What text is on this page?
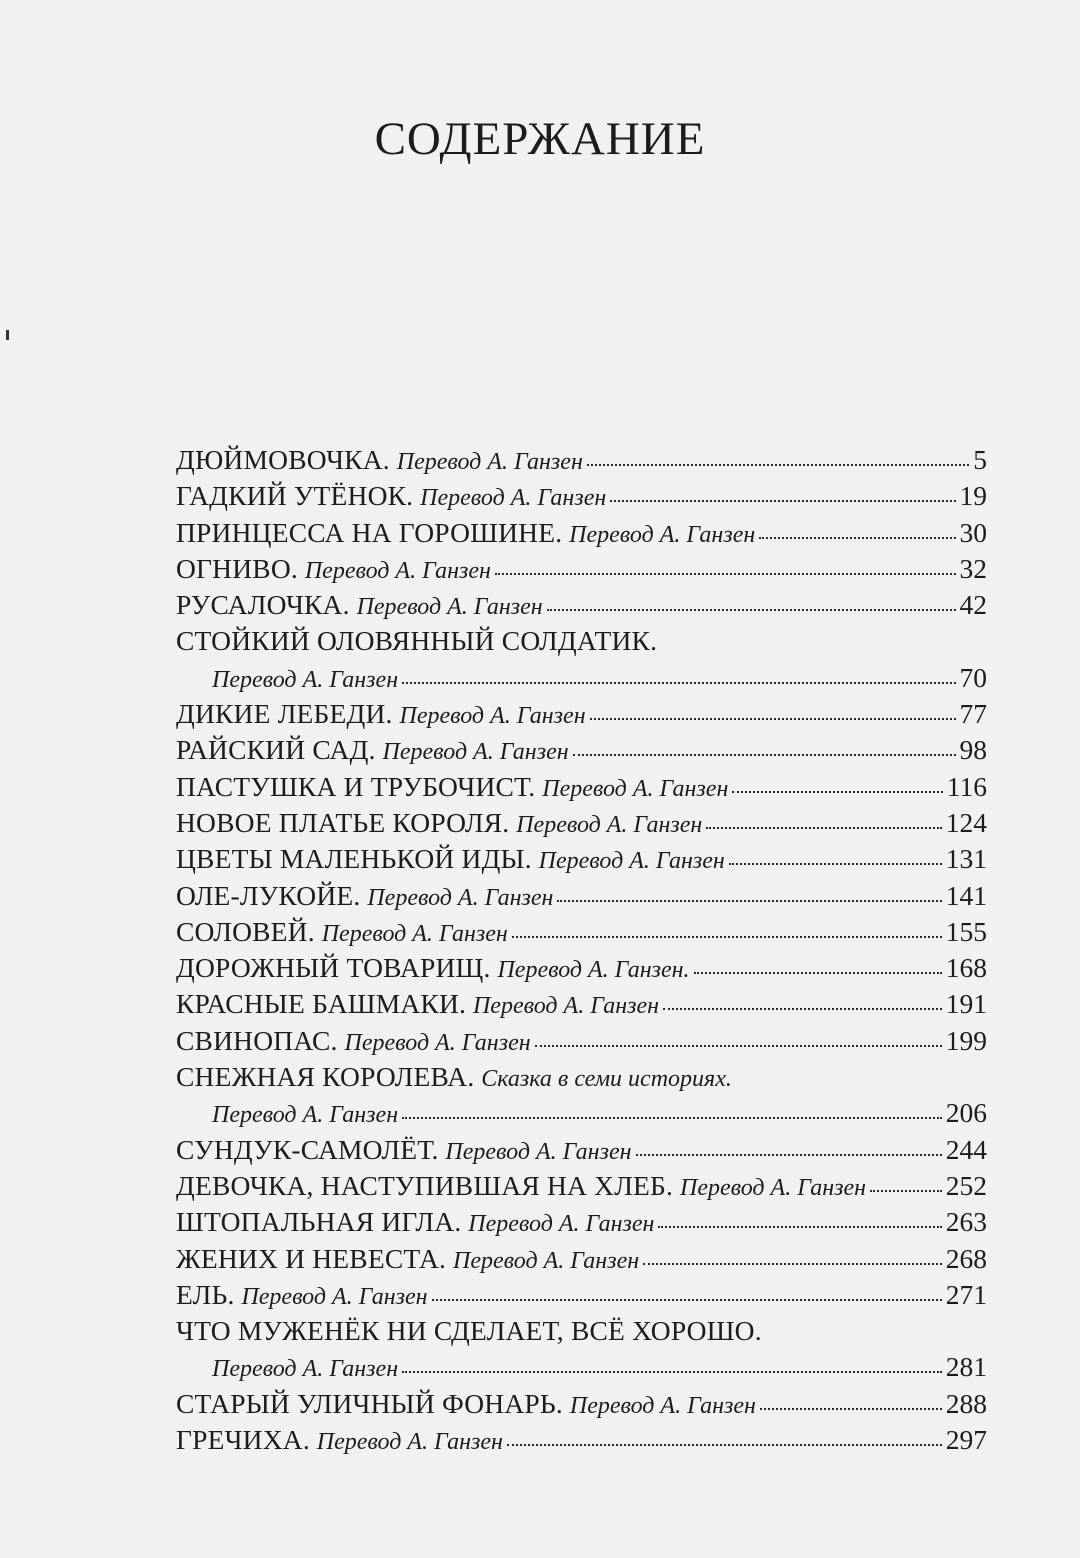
СОДЕРЖАНИЕ
ДЮЙМОВОЧКА. Перевод А. Ганзен	5
ГАДКИЙ УТЁНОК. Перевод А. Ганзен	19
ПРИНЦЕССА НА ГОРОШИНЕ. Перевод А. Ганзен	30
ОГНИВО. Перевод А. Ганзен	32
РУСАЛОЧКА. Перевод А. Ганзен	42
СТОЙКИЙ ОЛОВЯННЫЙ СОЛДАТИК.
Перевод А. Ганзен	70
ДИКИЕ ЛЕБЕДИ. Перевод А. Ганзен	77
РАЙСКИЙ САД. Перевод А. Ганзен	98
ПАСТУШКА И ТРУБОЧИСТ. Перевод А. Ганзен	116
НОВОЕ ПЛАТЬЕ КОРОЛЯ. Перевод А. Ганзен	124
ЦВЕТЫ МАЛЕНЬКОЙ ИДЫ. Перевод А. Ганзен	131
ОЛЕ-ЛУКОЙЕ. Перевод А. Ганзен	141
СОЛОВЕЙ. Перевод А. Ганзен	155
ДОРОЖНЫЙ ТОВАРИЩ. Перевод А. Ганзен.	168
КРАСНЫЕ БАШМАКИ. Перевод А. Ганзен	191
СВИНОПАС. Перевод А. Ганзен	199
СНЕЖНАЯ КОРОЛЕВА. Сказка в семи историях.
Перевод А. Ганзен	206
СУНДУК-САМОЛЁТ. Перевод А. Ганзен	244
ДЕВОЧКА, НАСТУПИВШАЯ НА ХЛЕБ. Перевод А. Ганзен	252
ШТОПАЛЬНАЯ ИГЛА. Перевод А. Ганзен	263
ЖЕНИХ И НЕВЕСТА. Перевод А. Ганзен	268
ЕЛЬ. Перевод А. Ганзен	271
ЧТО МУЖЕНЁК НИ СДЕЛАЕТ, ВСЁ ХОРОШО.
Перевод А. Ганзен	281
СТАРЫЙ УЛИЧНЫЙ ФОНАРЬ. Перевод А. Ганзен	288
ГРЕЧИХА. Перевод А. Ганзен	297
